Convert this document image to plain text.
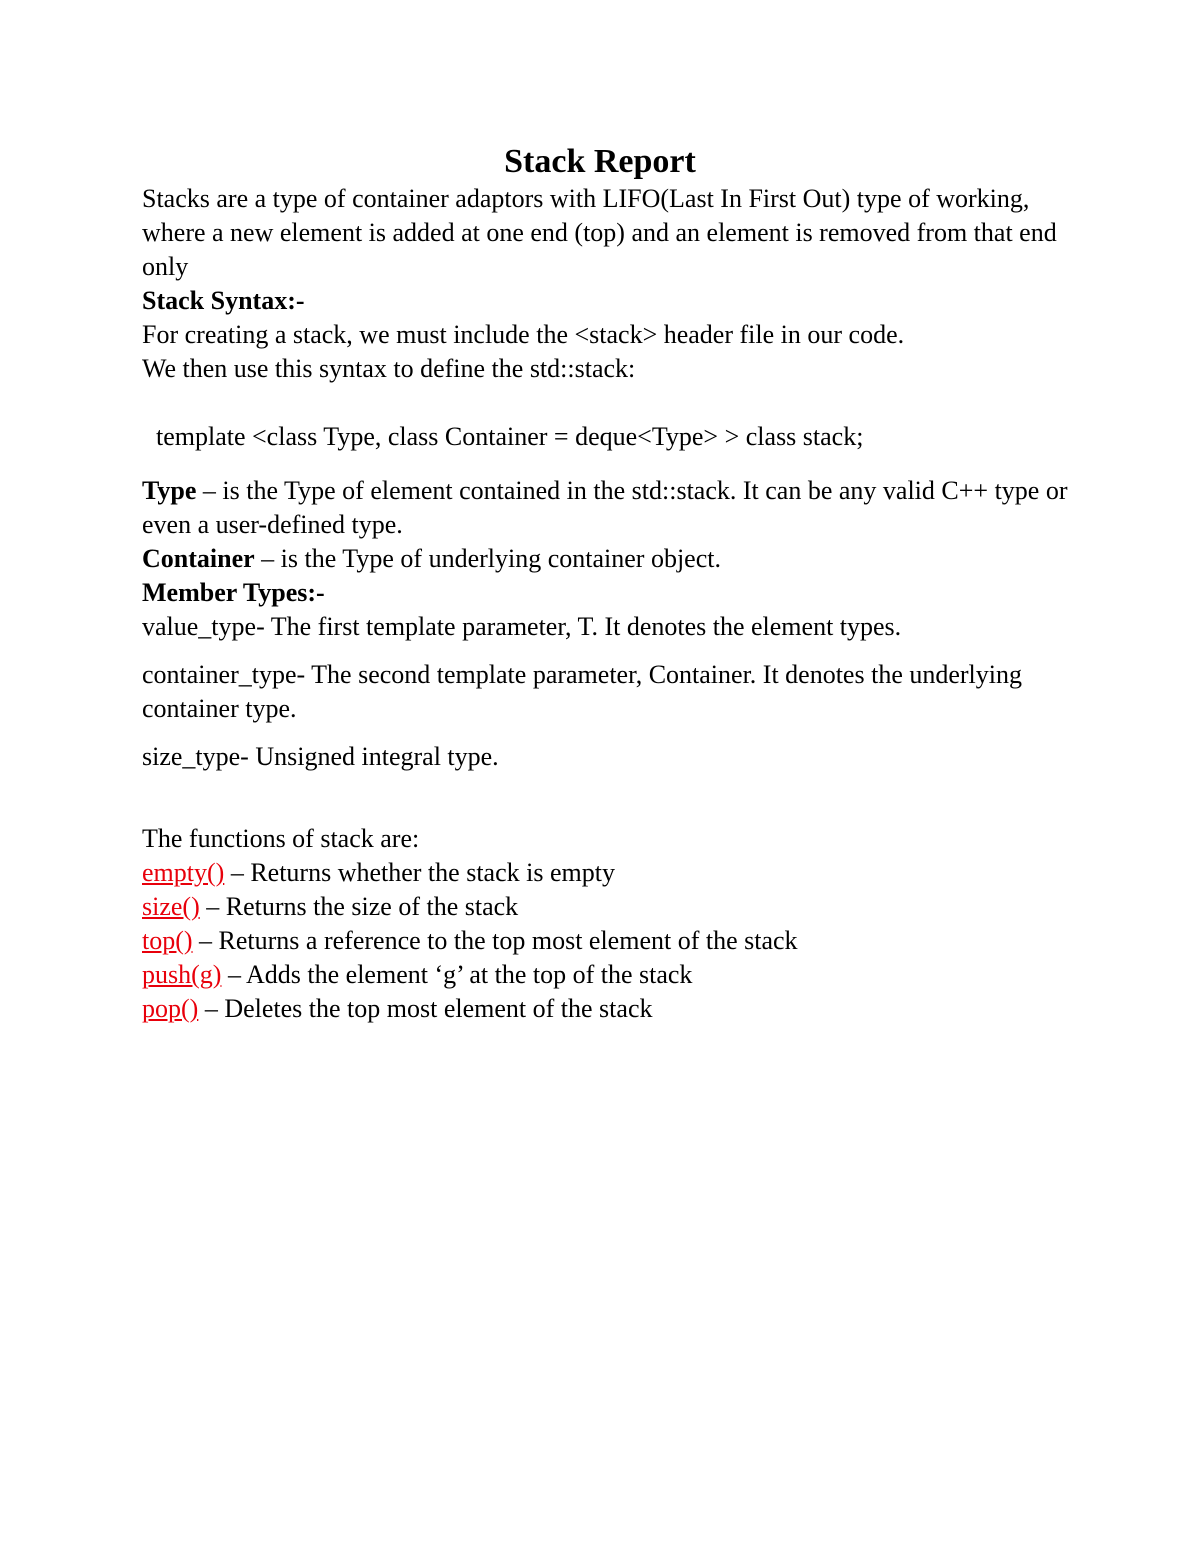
Stack Report

Stacks are a type of container adaptors with LIFO(Last In First Out) type of working, where a new element is added at one end (top) and an element is removed from that end only

Stack Syntax:-

For creating a stack, we must include the <stack> header file in our code.

We then use this syntax to define the std::stack:

template <class Type, class Container = deque<Type> > class stack;

Type – is the Type of element contained in the std::stack. It can be any valid C++ type or even a user-defined type.

Container – is the Type of underlying container object.

Member Types:-

value_type- The first template parameter, T. It denotes the element types.

container_type- The second template parameter, Container. It denotes the underlying container type.

size_type- Unsigned integral type.

The functions of stack are:

empty() – Returns whether the stack is empty

size() – Returns the size of the stack

top() – Returns a reference to the top most element of the stack

push(g) – Adds the element ‘g’ at the top of the stack

pop() – Deletes the top most element of the stack
